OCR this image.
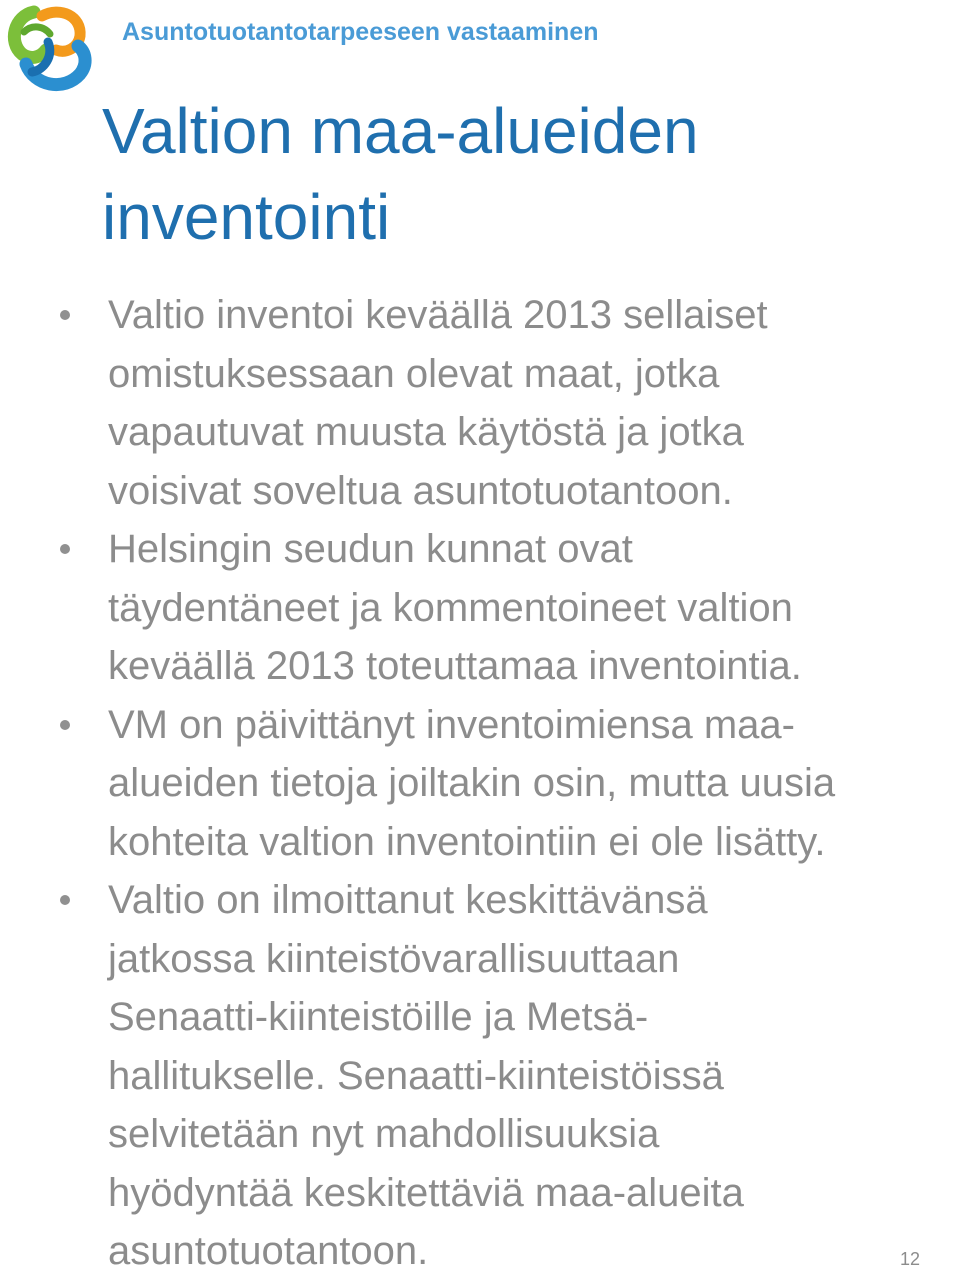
Asuntotuotantotarpeeseen vastaaminen
Valtion maa-alueiden
inventointi
Valtio inventoi keväällä 2013 sellaiset
omistuksessaan olevat maat, jotka
vapautuvat muusta käytöstä ja jotka
voisivat soveltua asuntotuotantoon.
Helsingin seudun kunnat ovat
täydentäneet ja kommentoineet valtion
keväällä 2013 toteuttamaa inventointia.
VM on päivittänyt inventoimiensa maa-
alueiden tietoja joiltakin osin, mutta uusia
kohteita valtion inventointiin ei ole lisätty.
Valtio on ilmoittanut keskittävänsä
jatkossa kiinteistövarallisuuttaan
Senaatti-kiinteistöille ja Metsä-
hallitukselle. Senaatti-kiinteistöissä
selvitetään nyt mahdollisuuksia
hyödyntää keskitettäviä maa-alueita
asuntotuotantoon.	12
